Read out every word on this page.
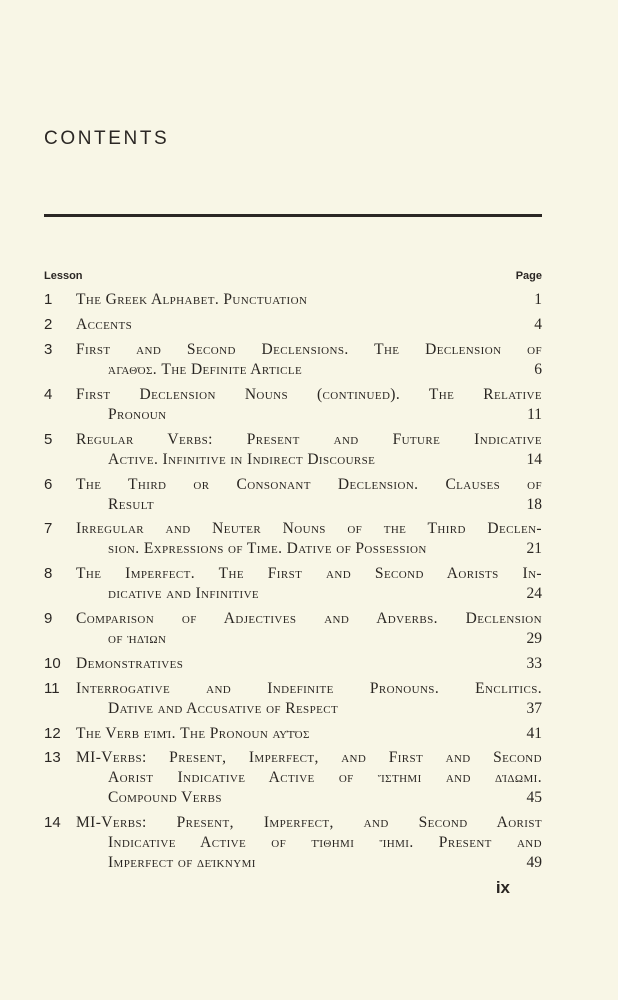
CONTENTS
Lesson	Page
1 The Greek Alphabet. Punctuation	1
2 Accents	4
3 First and Second Declensions. The Declension of
ἀγαθός. The Definite Article	6
4 First Declension Nouns (continued). The Relative
Pronoun	11
5 Regular Verbs: Present and Future Indicative
Active. Infinitive in Indirect Discourse	14
6 The Third or Consonant Declension. Clauses of
Result	18
7 Irregular and Neuter Nouns of the Third Declen-
sion. Expressions of Time. Dative of Possession	21
8 The Imperfect. The First and Second Aorists In-
dicative and Infinitive	24
9 Comparison of Adjectives and Adverbs. Declension
of ἡδίων	29
10 Demonstratives	33
11 Interrogative and Indefinite Pronouns. Enclitics.
Dative and Accusative of Respect	37
12 The Verb εἰμί. The Pronoun αὐτός	41
13 MI-Verbs: Present, Imperfect, and First and Second
Aorist Indicative Active of ἵστημι and δίδωμι.
Compound Verbs	45
14 MI-Verbs: Present, Imperfect, and Second Aorist
Indicative Active of τίθημι ἵημι. Present and
Imperfect of δείκνυμι	49
ix
